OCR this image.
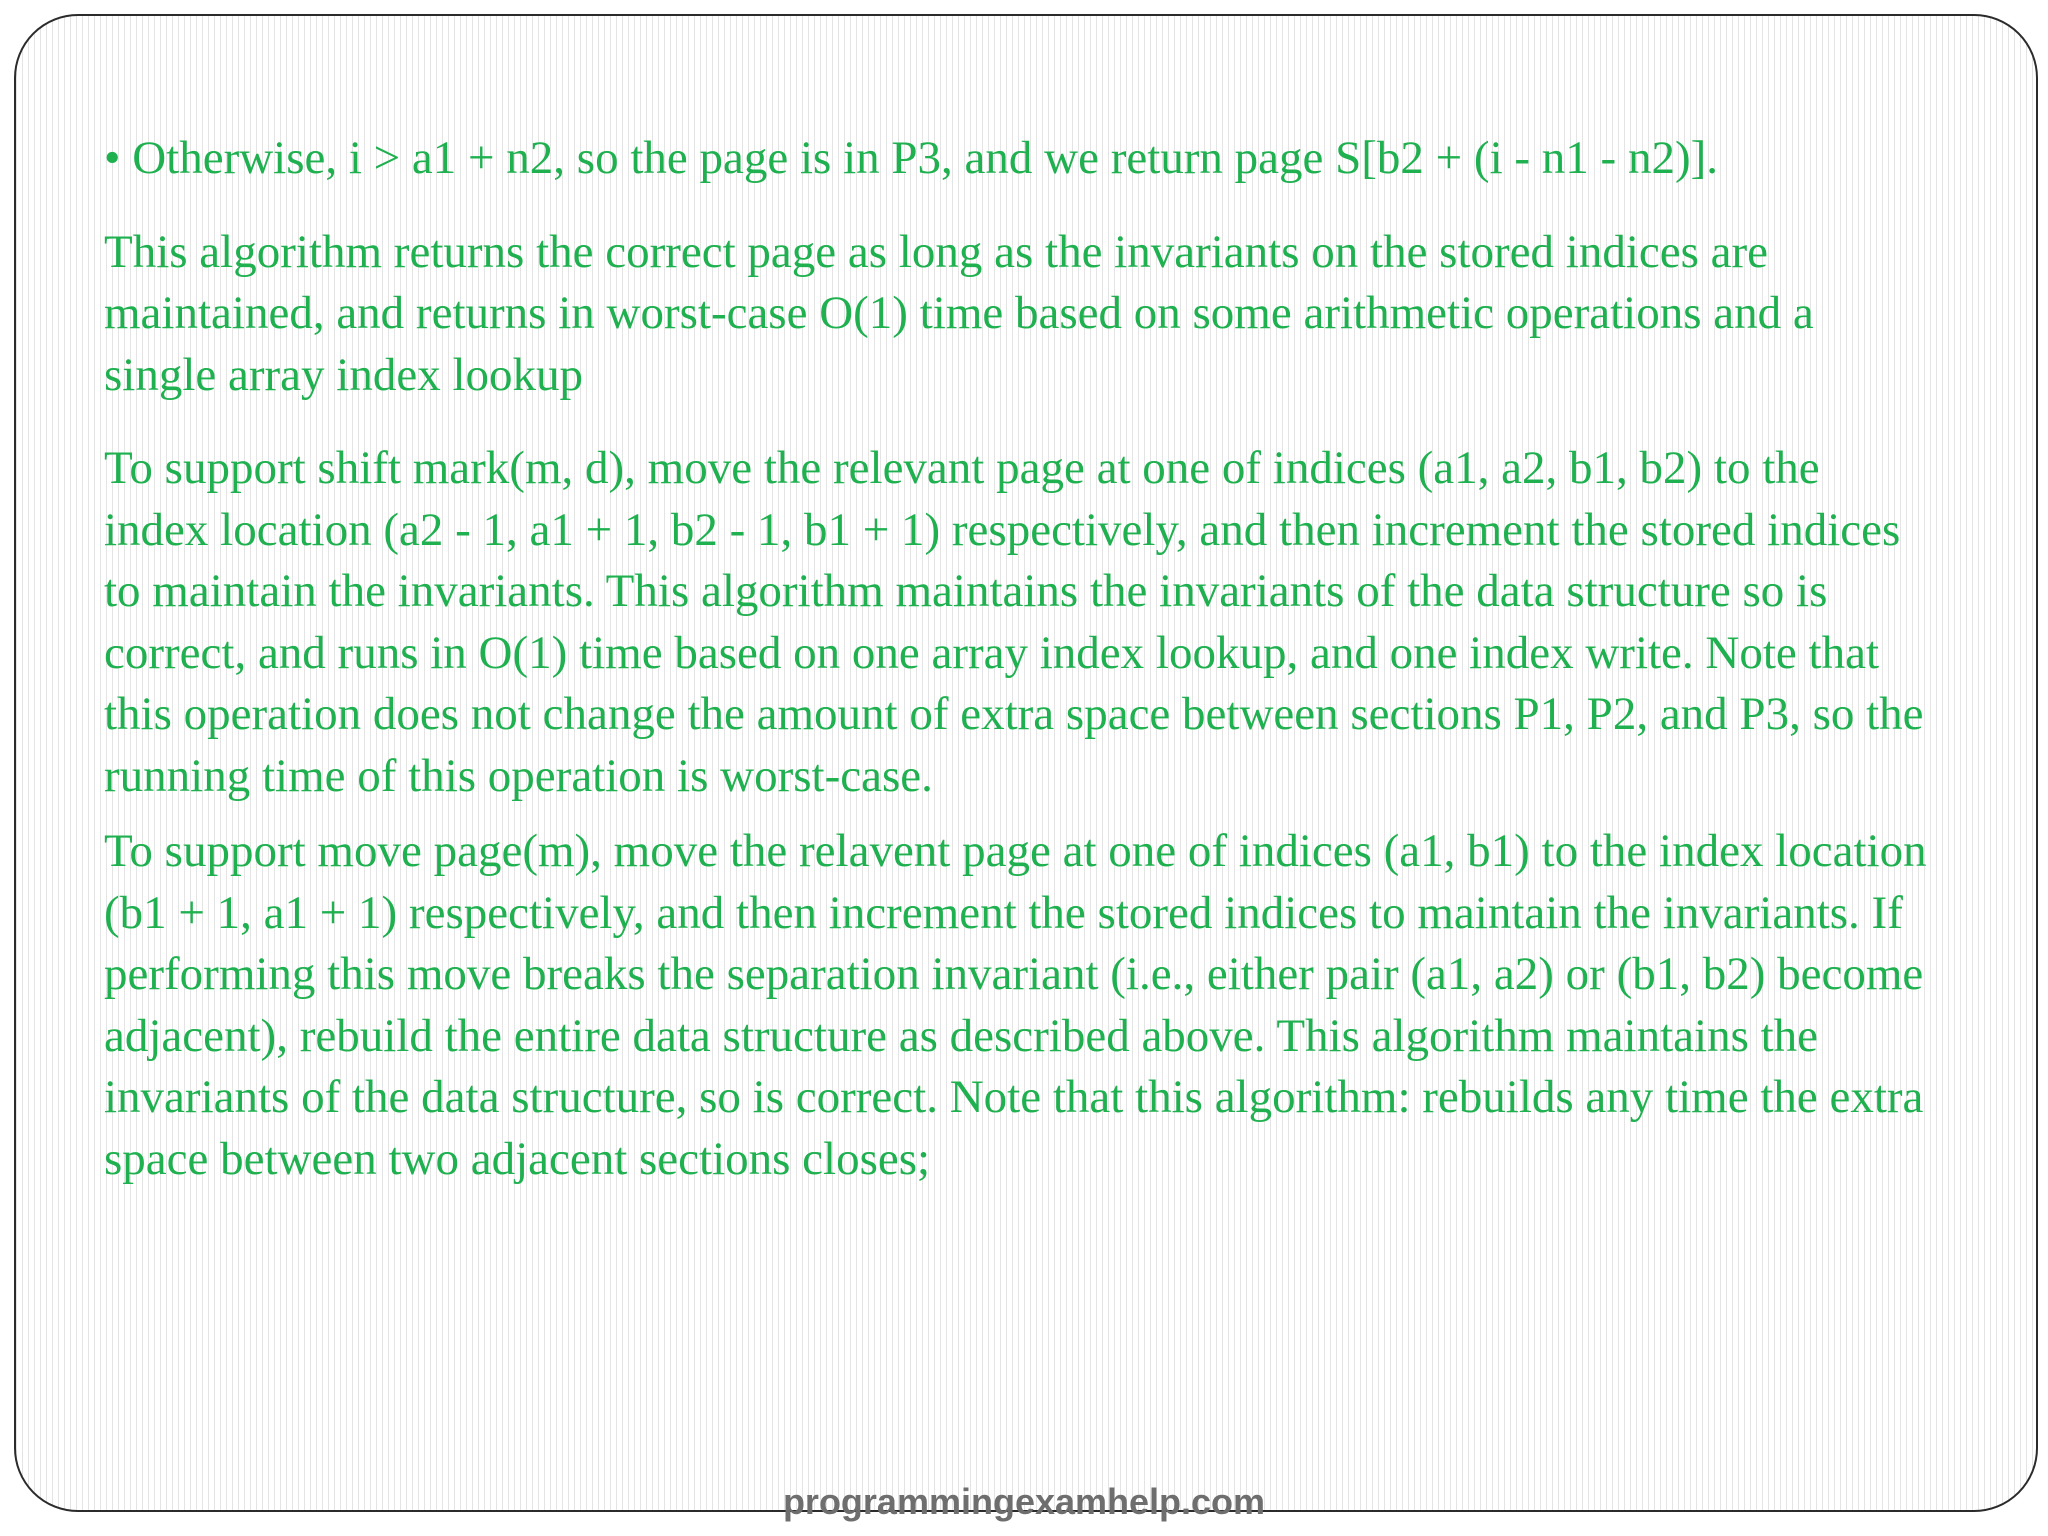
• Otherwise, i > a1 + n2, so the page is in P3, and we return page S[b2 + (i - n1 - n2)].

This algorithm returns the correct page as long as the invariants on the stored indices are maintained, and returns in worst-case O(1) time based on some arithmetic operations and a single array index lookup

To support shift mark(m, d), move the relevant page at one of indices (a1, a2, b1, b2) to the index location (a2 - 1, a1 + 1, b2 - 1, b1 + 1) respectively, and then increment the stored indices to maintain the invariants. This algorithm maintains the invariants of the data structure so is correct, and runs in O(1) time based on one array index lookup, and one index write. Note that this operation does not change the amount of extra space between sections P1, P2, and P3, so the running time of this operation is worst-case.

To support move page(m), move the relavent page at one of indices (a1, b1) to the index location (b1 + 1, a1 + 1) respectively, and then increment the stored indices to maintain the invariants. If performing this move breaks the separation invariant (i.e., either pair (a1, a2) or (b1, b2) become adjacent), rebuild the entire data structure as described above. This algorithm maintains the invariants of the data structure, so is correct. Note that this algorithm: rebuilds any time the extra space between two adjacent sections closes;

programmingexamhelp.com
